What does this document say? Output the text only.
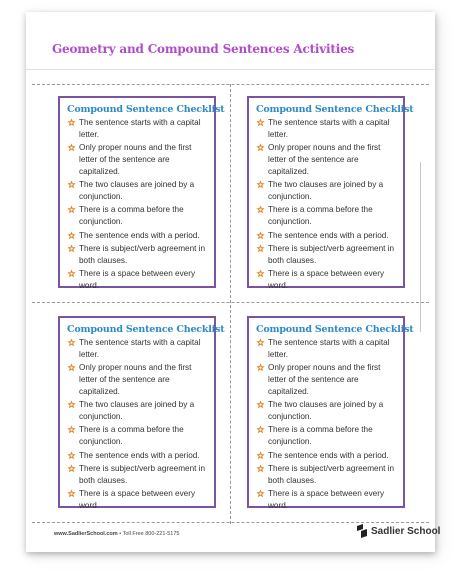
Geometry and Compound Sentences Activities
Compound Sentence Checklist
The sentence starts with a capital letter.
Only proper nouns and the first letter of the sentence are capitalized.
The two clauses are joined by a conjunction.
There is a comma before the conjunction.
The sentence ends with a period.
There is subject/verb agreement in both clauses.
There is a space between every word.
Compound Sentence Checklist
The sentence starts with a capital letter.
Only proper nouns and the first letter of the sentence are capitalized.
The two clauses are joined by a conjunction.
There is a comma before the conjunction.
The sentence ends with a period.
There is subject/verb agreement in both clauses.
There is a space between every word.
Compound Sentence Checklist
The sentence starts with a capital letter.
Only proper nouns and the first letter of the sentence are capitalized.
The two clauses are joined by a conjunction.
There is a comma before the conjunction.
The sentence ends with a period.
There is subject/verb agreement in both clauses.
There is a space between every word.
Compound Sentence Checklist
The sentence starts with a capital letter.
Only proper nouns and the first letter of the sentence are capitalized.
The two clauses are joined by a conjunction.
There is a comma before the conjunction.
The sentence ends with a period.
There is subject/verb agreement in both clauses.
There is a space between every word.
www.SadlierSchool.com • Toll Free 800-221-5175	Sadlier School
